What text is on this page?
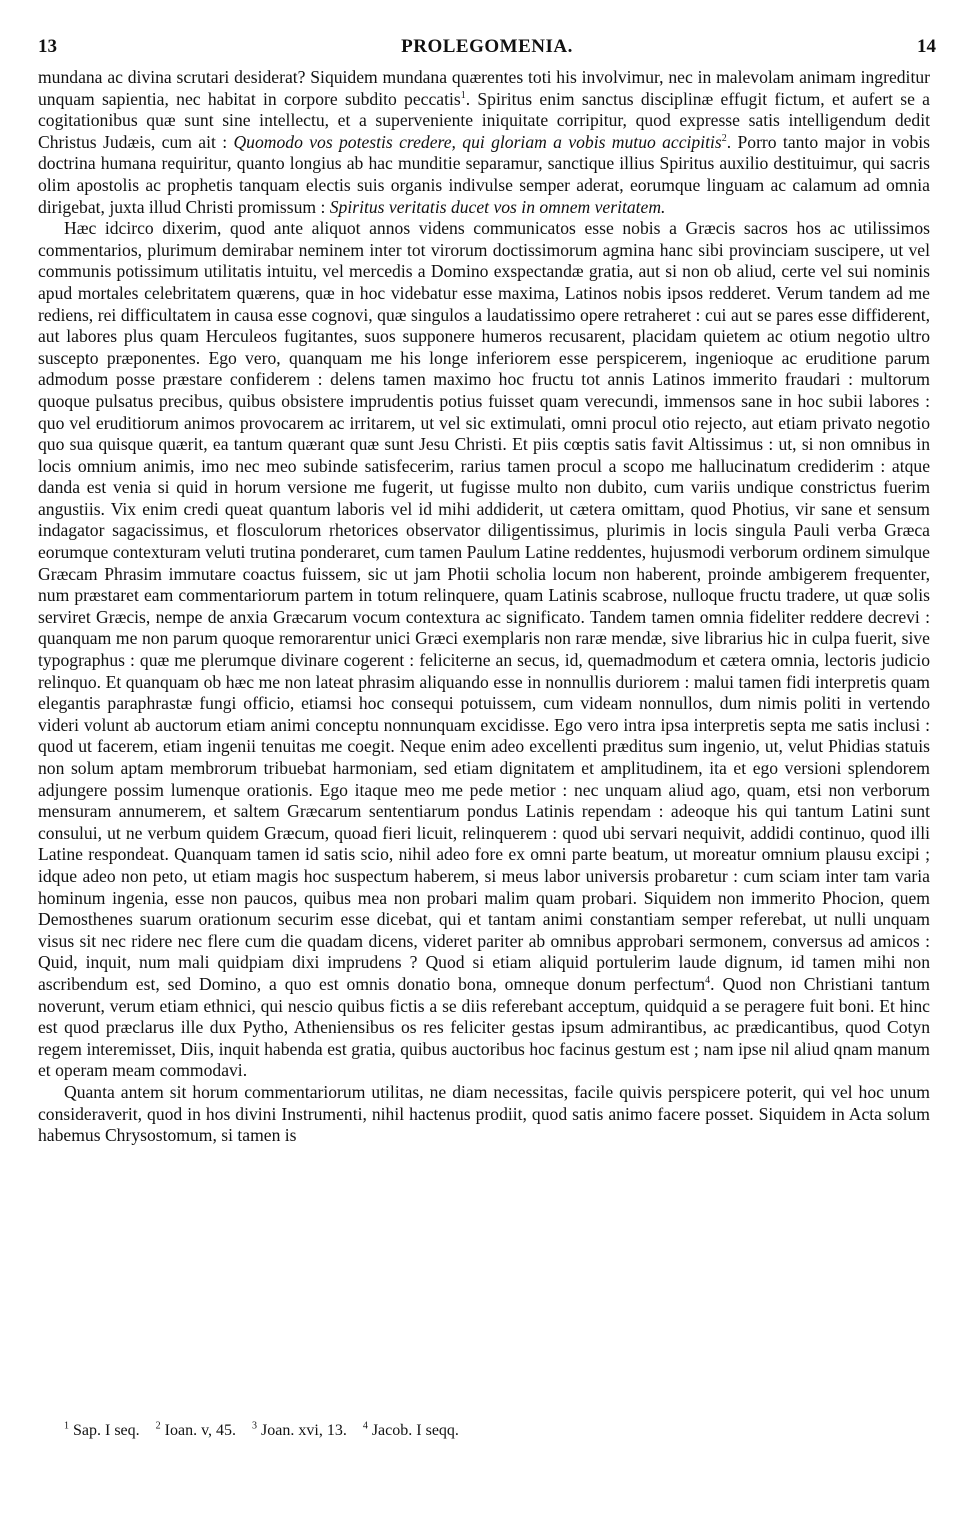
13	PROLEGOMENIA.	14

mundana ac divina scrutari desiderat? Siquidem mundana quærentes toti his involvimur, nec in malevolam animam ingreditur unquam sapientia, nec habitat in corpore subdito peccatis$^1$. Spiritus enim sanctus disciplinæ effugit fictum, et aufert se a cogitationibus quæ sunt sine intellectu, et a superveniente iniquitate corripitur, quod expresse satis intelligendum dedit Christus Judæis, cum ait : Quomodo vos potestis credere, qui gloriam a vobis mutuo accipitis$^2$. Porro tanto major in vobis doctrina humana requiritur, quanto longius ab hac munditie separamur, sanctique illius Spiritus auxilio destituimur, qui sacris olim apostolis ac prophetis tanquam electis suis organis indivulse semper aderat, eorumque linguam ac calamum ad omnia dirigebat, juxta illud Christi promissum : Spiritus veritatis ducet vos in omnem veritatem.

Hæc idcirco dixerim, quod ante aliquot annos videns communicatos esse nobis a Græcis sacros hos ac utilissimos commentarios, plurimum demirabar neminem inter tot virorum doctissimorum agmina hanc sibi provinciam suscipere, ut vel communis potissimum utilitatis intuitu, vel mercedis a Domino exspectandæ gratia, aut si non ob aliud, certe vel sui nominis apud mortales celebritatem quærens, quæ in hoc videbatur esse maxima, Latinos nobis ipsos redderet. Verum tandem ad me rediens, rei difficultatem in causa esse cognovi, quæ singulos a laudatissimo opere retraheret : cui aut se pares esse diffiderent, aut labores plus quam Herculeos fugitantes, suos supponere humeros recusarent, placidam quietem ac otium negotio ultro suscepto præponentes. Ego vero, quanquam me his longe inferiorem esse perspicerem, ingenioque ac eruditione parum admodum posse præstare confiderem : delens tamen maximo hoc fructu tot annis Latinos immerito fraudari : multorum quoque pulsatus precibus, quibus obsistere imprudentis potius fuisset quam verecundi, immensos sane in hoc subii labores : quo vel eruditiorum animos provocarem ac irritarem, ut vel sic extimulati, omni procul otio rejecto, aut etiam privato negotio quo sua quisque quærit, ea tantum quærant quæ sunt Jesu Christi. Et piis cœptis satis favit Altissimus : ut, si non omnibus in locis omnium animis, imo nec meo subinde satisfecerim, rarius tamen procul a scopo me hallucinatum crediderim : atque danda est venia si quid in horum versione me fugerit, ut fugisse multo non dubito, cum variis undique constrictus fuerim angustiis. Vix enim credi queat quantum laboris vel id mihi addiderit, ut cætera omittam, quod Photius, vir sane et sensum indagator sagacissimus, et flosculorum rhetorices observator diligentissimus, plurimis in locis singula Pauli verba Græca eorumque contexturam veluti trutina ponderaret, cum tamen Paulum Latine reddentes, hujusmodi verborum ordinem simulque Græcam Phrasim immutare coactus fuissem, sic ut jam Photii scholia locum non haberent, proinde ambigerem frequenter, num præstaret eam commentariorum partem in totum relinquere, quam Latinis scabrose, nulloque fructu tradere, ut quæ solis serviret Græcis, nempe de anxia Græcarum vocum contextura ac significato. Tandem tamen omnia fideliter reddere decrevi : quanquam me non parum quoque remorarentur unici Græci exemplaris non raræ mendæ, sive librarius hic in culpa fuerit, sive typographus : quæ me plerumque divinare cogerent : feliciterne an secus, id, quemadmodum et cætera omnia, lectoris judicio relinquo. Et quanquam ob hæc me non lateat phrasim aliquando esse in nonnullis duriorem : malui tamen fidi interpretis quam elegantis paraphrastæ fungi officio, etiamsi hoc consequi potuissem, cum videam nonnullos, dum nimis politi in vertendo videri volunt ab auctorum etiam animi conceptu nonnunquam excidisse. Ego vero intra ipsa interpretis septa me satis inclusi : quod ut facerem, etiam ingenii tenuitas me coegit. Neque enim adeo excellenti præditus sum ingenio, ut, velut Phidias statuis non solum aptam membrorum tribuebat harmoniam, sed etiam dignitatem et amplitudinem, ita et ego versioni splendorem adjungere possim lumenque orationis. Ego itaque meo me pede metior : nec unquam aliud ago, quam, etsi non verborum mensuram annumerem, et saltem Græcarum sententiarum pondus Latinis rependam : adeoque his qui tantum Latini sunt consului, ut ne verbum quidem Græcum, quoad fieri licuit, relinquerem : quod ubi servari nequivit, addidi continuo, quod illi Latine respondeat. Quanquam tamen id satis scio, nihil adeo fore ex omni parte beatum, ut moreatur omnium plausu excipi ; idque adeo non peto, ut etiam magis hoc suspectum haberem, si meus labor universis probaretur : cum sciam inter tam varia hominum ingenia, esse non paucos, quibus mea non probari malim quam probari. Siquidem non immerito Phocion, quem Demosthenes suarum orationum securim esse dicebat, qui et tantam animi constantiam semper referebat, ut nulli unquam visus sit nec ridere nec flere cum die quadam dicens, videret pariter ab omnibus approbari sermonem, conversus ad amicos : Quid, inquit, num mali quidpiam dixi imprudens ? Quod si etiam aliquid portulerim laude dignum, id tamen mihi non ascribendum est, sed Domino, a quo est omnis donatio bona, omneque donum perfectum$^4$. Quod non Christiani tantum noverunt, verum etiam ethnici, qui nescio quibus fictis a se diis referebant acceptum, quidquid a se peragere fuit boni. Et hinc est quod præclarus ille dux Pytho, Atheniensibus os res feliciter gestas ipsum admirantibus, ac prædicantibus, quod Cotyn regem interemisset, Diis, inquit habenda est gratia, quibus auctoribus hoc facinus gestum est ; nam ipse nil aliud qnam manum et operam meam commodavi.

Quanta antem sit horum commentariorum utilitas, ne diam necessitas, facile quivis perspicere poterit, qui vel hoc unum consideraverit, quod in hos divini Instrumenti, nihil hactenus prodiit, quod satis animo facere posset. Siquidem in Acta solum habemus Chrysostomum, si tamen is

$^1$ Sap. I seq. $^2$ Ioan. v, 45. $^3$ Joan. xvi, 13. $^4$ Jacob. I seqq.
